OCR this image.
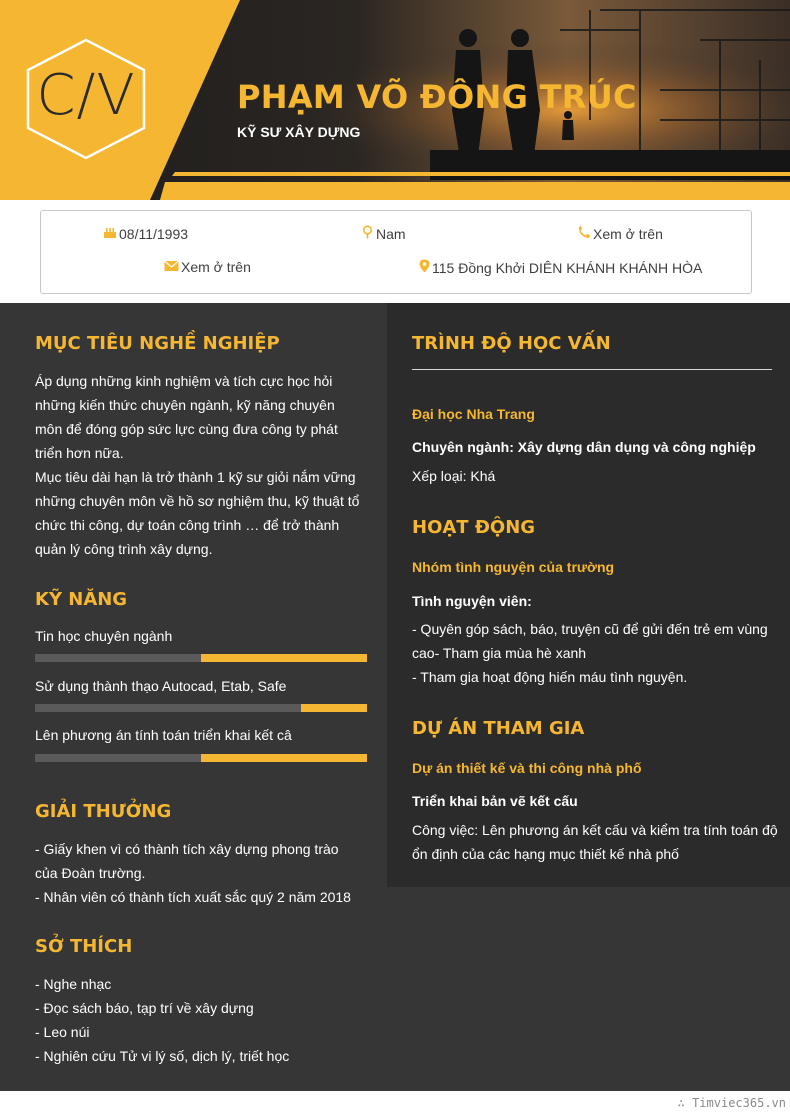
C/V	PHẠM VÕ ĐÔNG TRÚC
KỸ SƯ XÂY DỰNG
08/11/1993	Nam	Xem ở trên
Xem ở trên	115 Đồng Khởi DIÊN KHÁNH KHÁNH HÒA
MỤC TIÊU NGHỀ NGHIỆP
Áp dụng những kinh nghiệm và tích cực học hỏi
những kiến thức chuyên ngành, kỹ năng chuyên
môn để đóng góp sức lực cùng đưa công ty phát
triển hơn nữa.
Mục tiêu dài hạn là trở thành 1 kỹ sư giỏi nắm vững
những chuyên môn về hồ sơ nghiệm thu, kỹ thuật tổ
chức thi công, dự toán công trình … để trở thành
quản lý công trình xây dựng.
KỸ NĂNG
Tin học chuyên ngành
Sử dụng thành thạo Autocad, Etab, Safe
Lên phương án tính toán triển khai kết câ
GIẢI THƯỞNG
- Giấy khen vì có thành tích xây dựng phong trào
của Đoàn trường.
- Nhân viên có thành tích xuất sắc quý 2 năm 2018
SỞ THÍCH
- Nghe nhạc
- Đọc sách báo, tạp trí về xây dựng
- Leo núi
- Nghiên cứu Tử vi lý số, dịch lý, triết học
TRÌNH ĐỘ HỌC VẤN
Đại học Nha Trang
Chuyên ngành: Xây dựng dân dụng và công nghiệp
Xếp loại: Khá
HOẠT ĐỘNG
Nhóm tình nguyện của trường
Tình nguyện viên:
- Quyên góp sách, báo, truyện cũ để gửi đến trẻ em vùng
cao- Tham gia mùa hè xanh
- Tham gia hoạt động hiến máu tình nguyện.
DỰ ÁN THAM GIA
Dự án thiết kế và thi công nhà phố
Triển khai bản vẽ kết cấu
Công việc: Lên phương án kết cấu và kiểm tra tính toán độ
ổn định của các hạng mục thiết kế nhà phố
∴ Timviec365.vn
